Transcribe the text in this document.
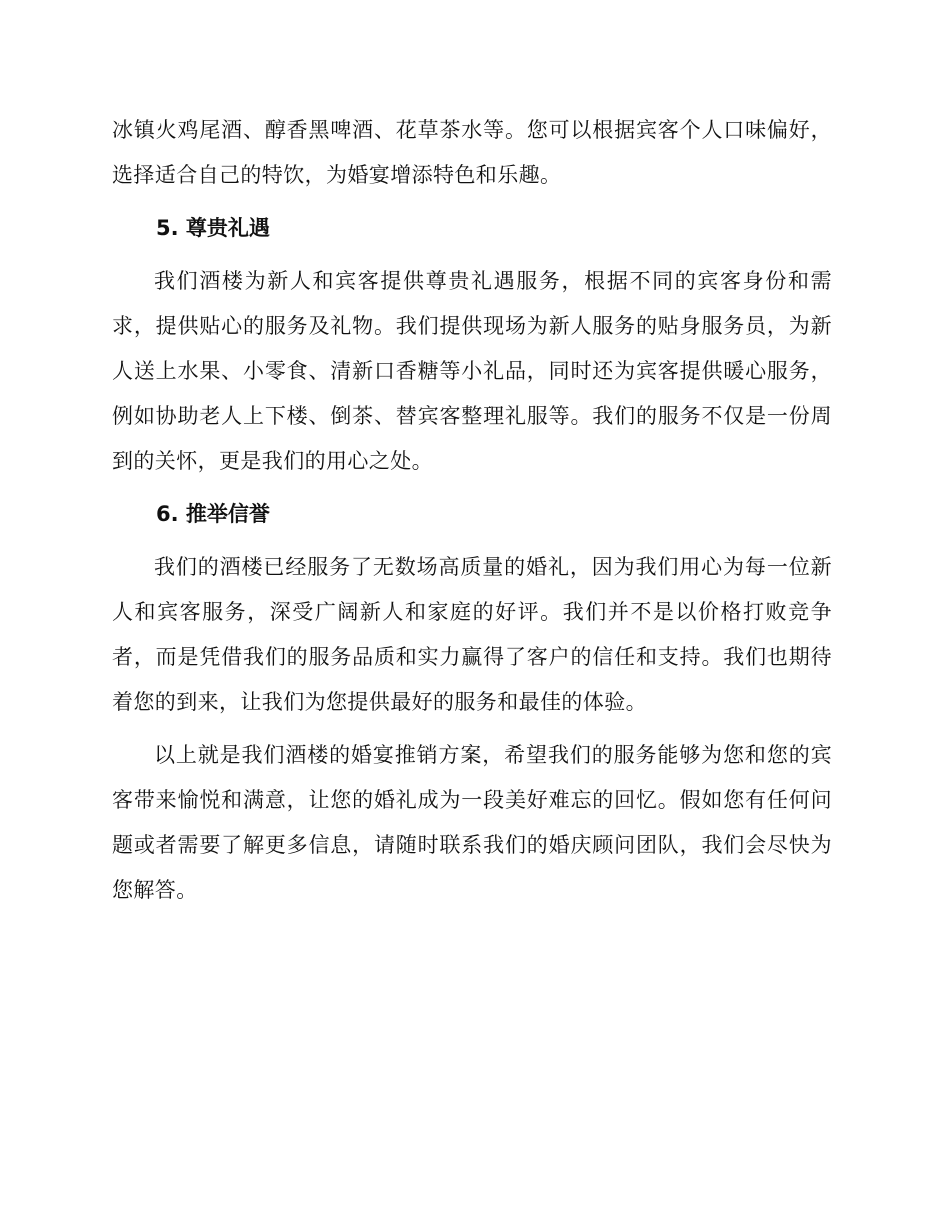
冰镇火鸡尾酒、醇香黑啤酒、花草茶水等。您可以根据宾客个人口味偏好，选择适合自己的特饮，为婚宴增添特色和乐趣。

5. 尊贵礼遇

我们酒楼为新人和宾客提供尊贵礼遇服务，根据不同的宾客身份和需求，提供贴心的服务及礼物。我们提供现场为新人服务的贴身服务员，为新人送上水果、小零食、清新口香糖等小礼品，同时还为宾客提供暖心服务，例如协助老人上下楼、倒茶、替宾客整理礼服等。我们的服务不仅是一份周到的关怀，更是我们的用心之处。

6. 推举信誉

我们的酒楼已经服务了无数场高质量的婚礼，因为我们用心为每一位新人和宾客服务，深受广阔新人和家庭的好评。我们并不是以价格打败竞争者，而是凭借我们的服务品质和实力赢得了客户的信任和支持。我们也期待着您的到来，让我们为您提供最好的服务和最佳的体验。

以上就是我们酒楼的婚宴推销方案，希望我们的服务能够为您和您的宾客带来愉悦和满意，让您的婚礼成为一段美好难忘的回忆。假如您有任何问题或者需要了解更多信息，请随时联系我们的婚庆顾问团队，我们会尽快为您解答。
